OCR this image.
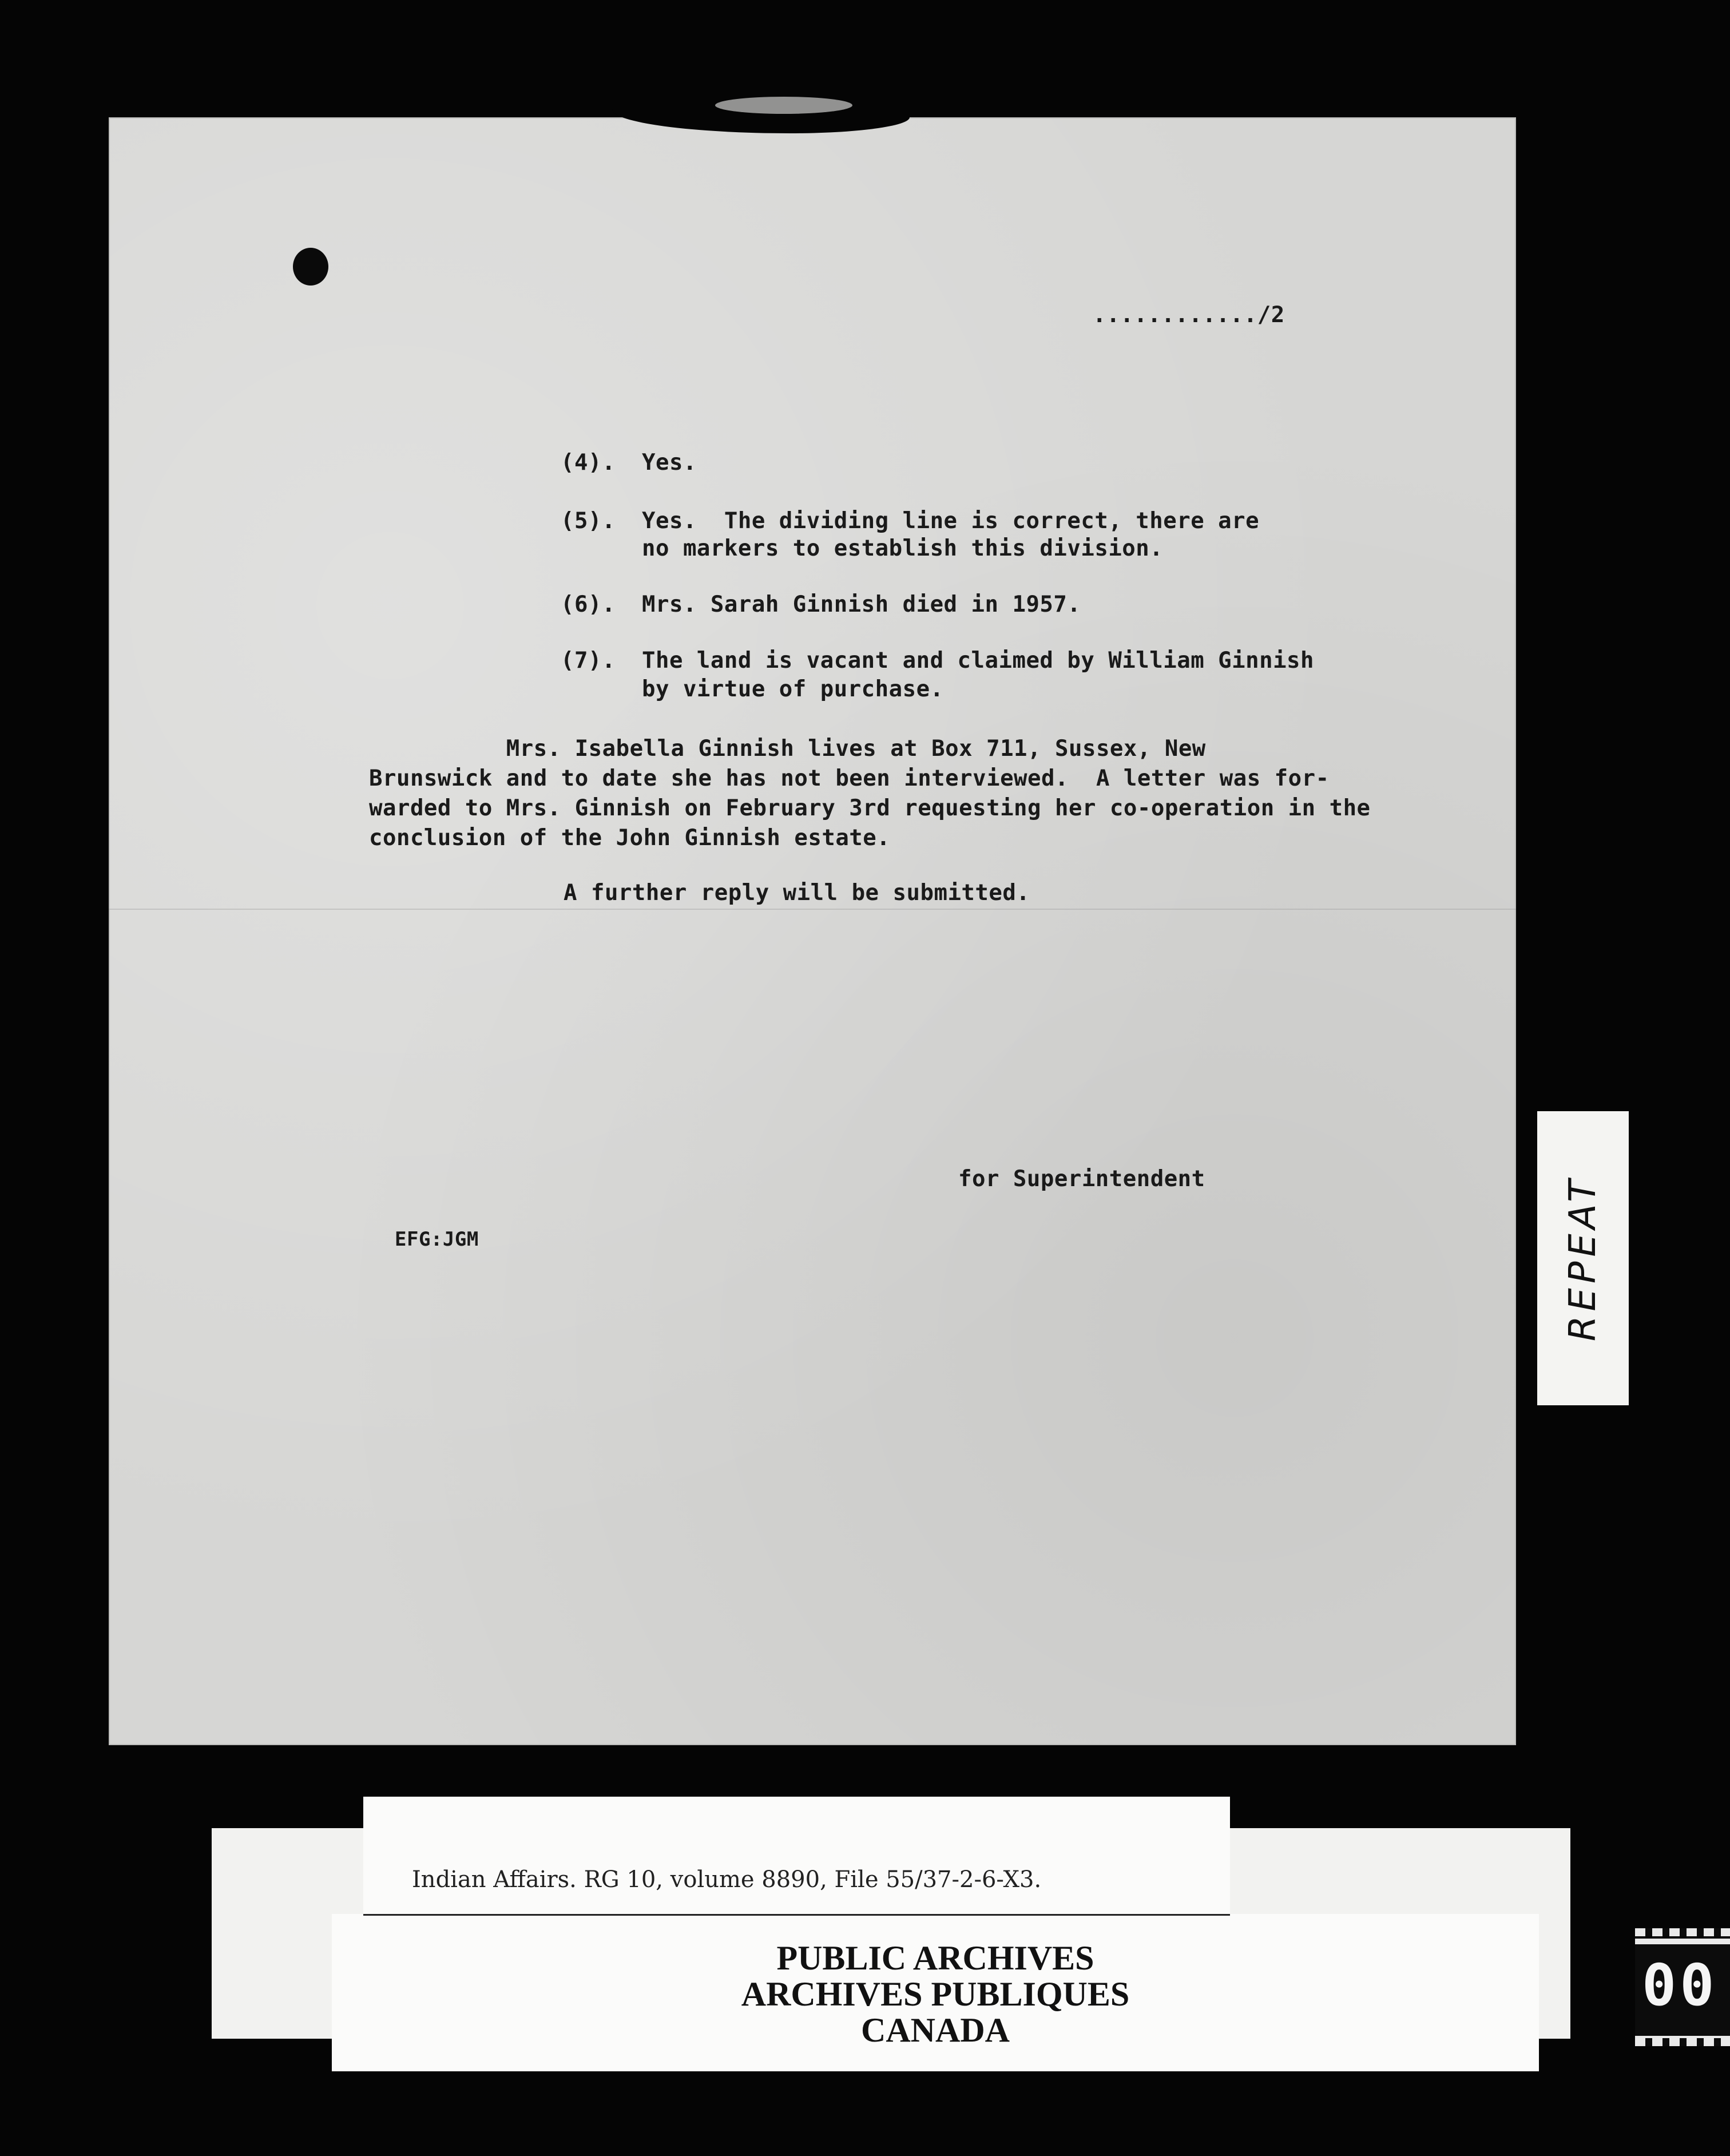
............/2
(4).	Yes.
(5).	Yes.  The dividing line is correct, there are
no markers to establish this division.
(6).	Mrs. Sarah Ginnish died in 1957.
(7).	The land is vacant and claimed by William Ginnish
by virtue of purchase.
Mrs. Isabella Ginnish lives at Box 711, Sussex, New
Brunswick and to date she has not been interviewed.  A letter was for-
warded to Mrs. Ginnish on February 3rd requesting her co-operation in the
conclusion of the John Ginnish estate.
A further reply will be submitted.
for Superintendent
EFG:JGM	REPEAT
PUBLIC ARCHIVES
ARCHIVES PUBLIQUES
CANADA
Indian Affairs. RG 10, volume 8890, File 55/37-2-6-X3.
00
